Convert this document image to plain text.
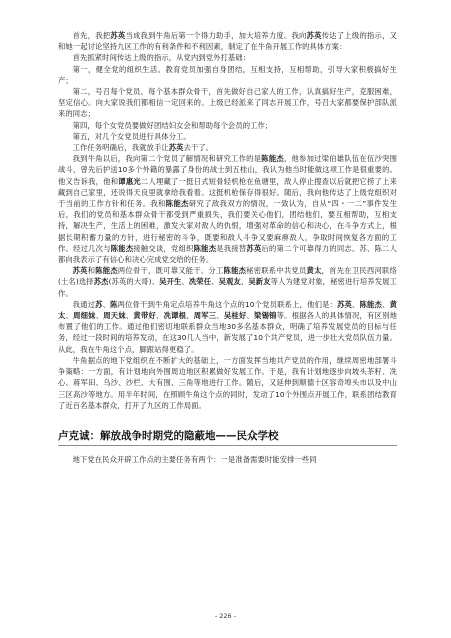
首先，我把苏英当成我到牛角后第一个得力助手，加大培养力度。我向苏英传达了上级的指示，又和她一起讨论坚持九区工作的有利条件和不利因素，制定了在牛角开展工作的具体方案：

首先抓紧时间传达上级的指示，从党内到党外打基础：

第一，健全党的组织生活。教育党员加强自身团结，互相支持，互相帮助，引导大家积极搞好生产；

第二，号召每个党员、每个基本群众骨干，首先做好自己家人的工作，认真搞好生产，克服困难，坚定信心。向大家说我们都相信一定回来的。上级已经派来了同志开展工作，号召大家都要保护部队派来的同志；

第四，每个女党员要做好团结妇女会和帮助每个会员的工作；

第五，对几个女党员进行具体分工。

工作任务明确后，我就放手让苏英去干了。

我到牛角以后，我向第二个党员了解情况和研究工作的是陈能杰，他参加过梁伯雄队伍在伍沙突围战斗，曾先后护送10多个外籍的暴露了身份的战士到五桂山，我认为他当时能做这项工作是很重要的。他又告诉我，他和谭惠光二人埋藏了一挺日式短骨轻机枪在鱼塘里，敌人停止搜查以后就把它捞了上来藏到自己家里，还说得天良里就拿给我看着。这挺机枪保存得很好。随后，我向他传达了上级党组织对于当前的工作方针和任务。我和陈能杰研究了敌我双方的情况，一致认为，自从“四・一二”事件发生后，我们的党员和基本群众骨干都受到严重损失，我们要关心他们，团结他们，要互相帮助，互相支持，解决生产，生活上的困难，激发大家对敌人的仇恨，增强对革命的信心和决心，在斗争方式上，根据长期积蓄力量的方针，进行秘密的斗争，既要和敌人斗争又要麻痹敌人，争取时间恢复各方面的工作。经过几次与陈能杰接触交谈，党组织陈能杰是我接替苏英后的第二个可靠得力的同志。苏、陈二人都向我表示了有信心和决心完成党交给的任务。

苏英和陈能杰两位骨干，既可靠又能干。分工陈能杰秘密联系中共党员黄太，首先在卫民西河联络(土名)选择苏杰(苏英的大哥)、吴开生、冼荣任、吴观友、吴新友等人为建党对象，秘密进行培养发展工作。

我通过苏、陈两位骨干到牛角定点培养牛角这个点的10个党员联系上，他们是：苏英、陈能杰、黄太、周细妹、周天妹、黄带好、冼谭根、周军三、吴桂好、梁锡锦等。根据各人的具体情况，有区别地布置了他们的工作。通过他们密切地联系群众当地30多名基本群众，明确了培养发展党员的目标与任务，经过一段时间的培养发动，在这30几人当中，新发展了10个共产党员，进一步壮大党员队伍力量。从此，我在牛角这个点，脚跟站得更稳了。

牛角据点的地下党组织在不断扩大的基础上，一方面发挥当地共产党员的作用，继续周密地部署斗争策略：一方面，有计划地向外围周边地区积累做好发展工作。于是，我有计划地逐步向坡头茶籽、冼心、蒋军田、乌沙、沙栏、大有围、三角等地进行工作。随后，又延伸到顺德十区容奇埠头市以及中山三区高沙等地方。用半年时间，在照顾牛角这个点的同时，发动了10个外围点开展工作，联系团结教育了近百名基本群众，打开了九区的工作局面。

卢克诚：解放战争时期党的隐蔽地——民众学校

地下党在民众开辟工作点的主要任务有两个：一是准备需要时能安排一些同

- 226 -
